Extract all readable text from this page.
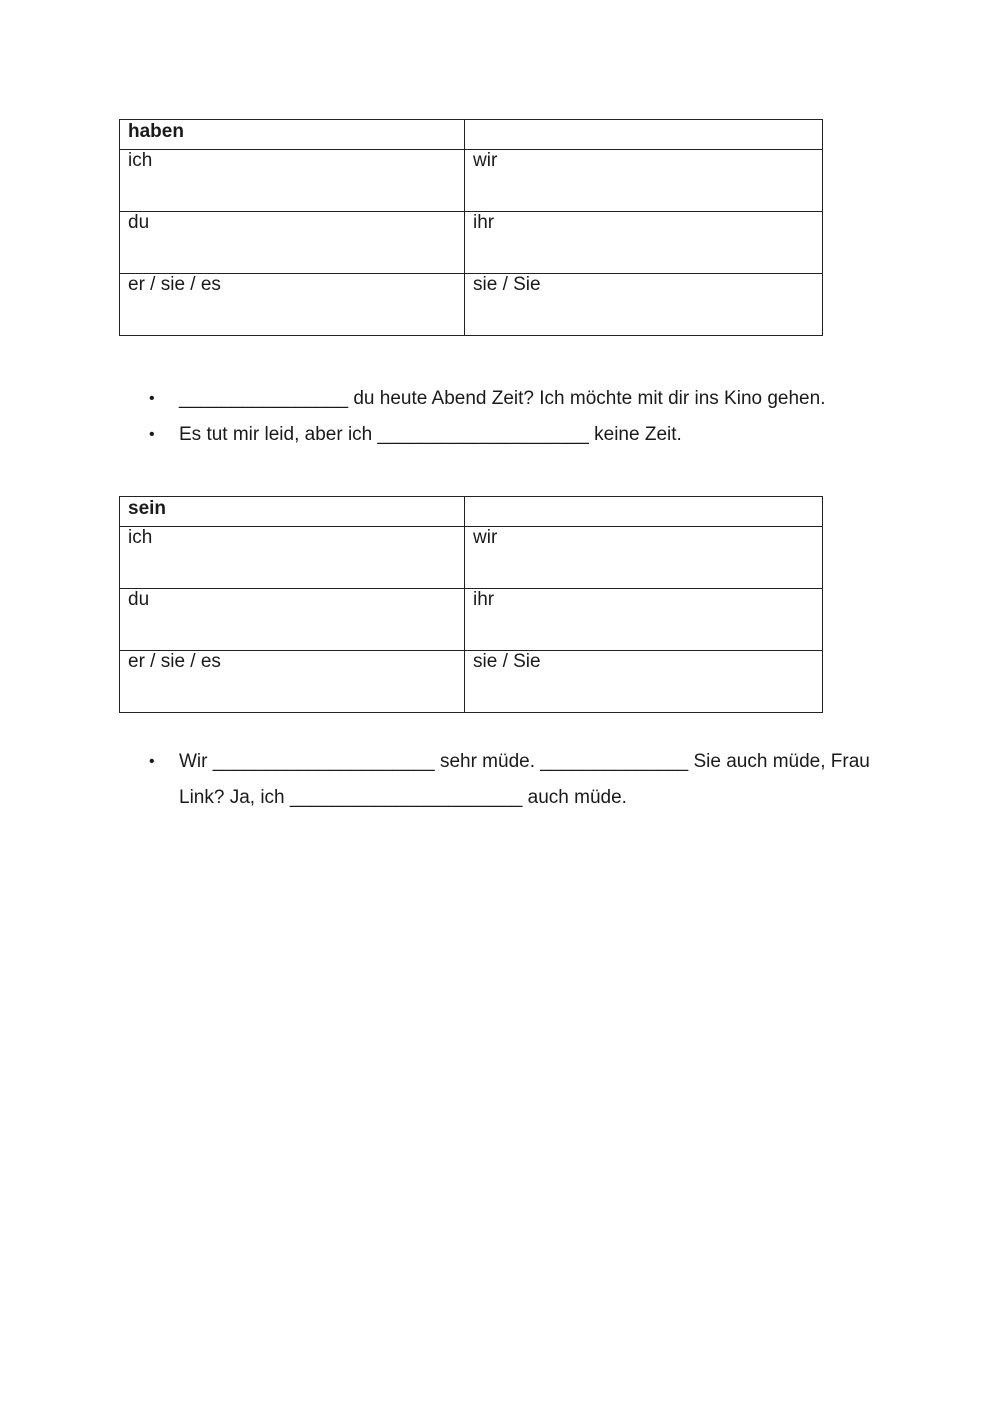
haben	
ich	wir
du	ihr
er / sie / es	sie / Sie
• ________________ du heute Abend Zeit? Ich möchte mit dir ins Kino gehen.
• Es tut mir leid, aber ich ____________________ keine Zeit.
sein	
ich	wir
du	ihr
er / sie / es	sie / Sie
• Wir _____________________ sehr müde. ______________ Sie auch müde, Frau Link? Ja, ich ______________________ auch müde.
